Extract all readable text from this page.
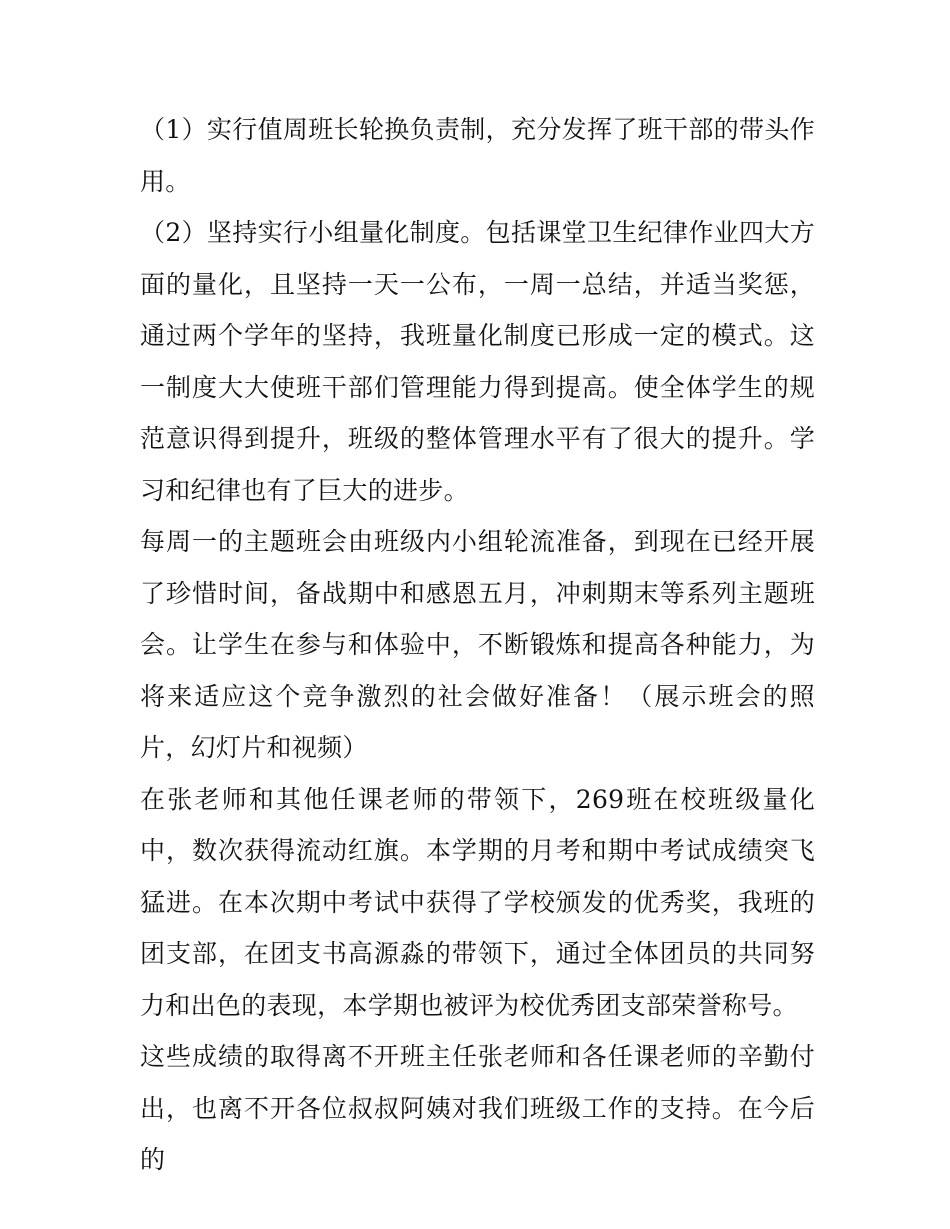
（1）实行值周班长轮换负责制，充分发挥了班干部的带头作用。

（2）坚持实行小组量化制度。包括课堂卫生纪律作业四大方面的量化，且坚持一天一公布，一周一总结，并适当奖惩，通过两个学年的坚持，我班量化制度已形成一定的模式。这一制度大大使班干部们管理能力得到提高。使全体学生的规范意识得到提升，班级的整体管理水平有了很大的提升。学习和纪律也有了巨大的进步。

每周一的主题班会由班级内小组轮流准备，到现在已经开展了珍惜时间，备战期中和感恩五月，冲刺期末等系列主题班会。让学生在参与和体验中，不断锻炼和提高各种能力，为将来适应这个竞争激烈的社会做好准备！（展示班会的照片，幻灯片和视频）

在张老师和其他任课老师的带领下，269班在校班级量化中，数次获得流动红旗。本学期的月考和期中考试成绩突飞猛进。在本次期中考试中获得了学校颁发的优秀奖，我班的团支部，在团支书高源淼的带领下，通过全体团员的共同努力和出色的表现，本学期也被评为校优秀团支部荣誉称号。

这些成绩的取得离不开班主任张老师和各任课老师的辛勤付出，也离不开各位叔叔阿姨对我们班级工作的支持。在今后的
